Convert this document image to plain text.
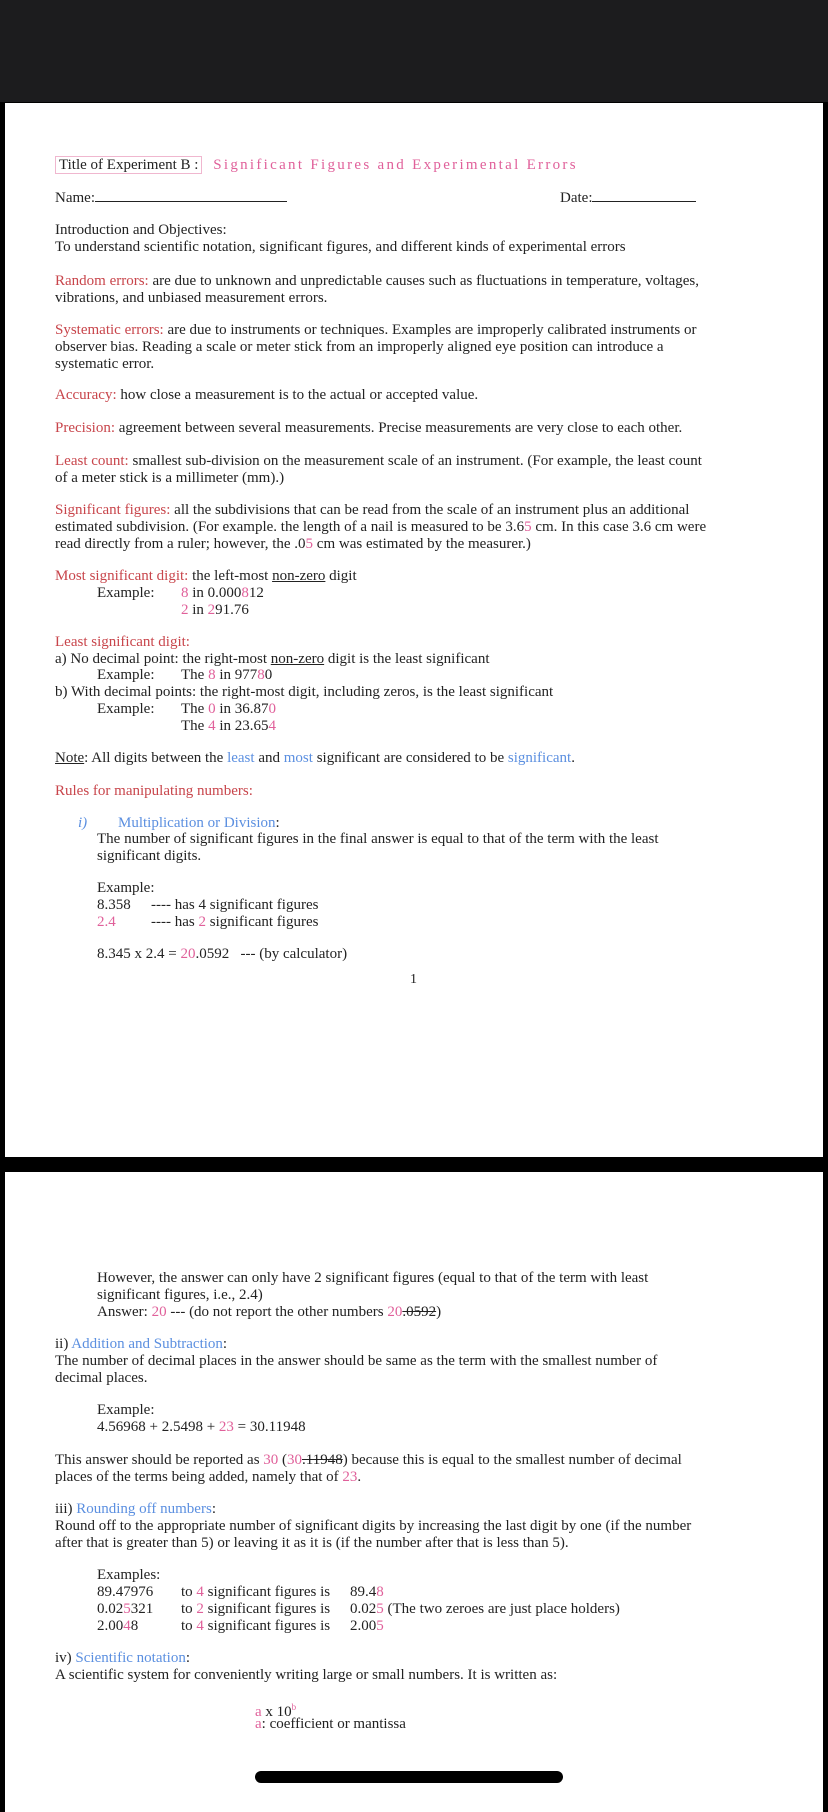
Title of Experiment B : Significant Figures and Experimental Errors
Name:	Date:
Introduction and Objectives:
To understand scientific notation, significant figures, and different kinds of experimental errors
Random errors: are due to unknown and unpredictable causes such as fluctuations in temperature, voltages,
vibrations, and unbiased measurement errors.
Systematic errors: are due to instruments or techniques. Examples are improperly calibrated instruments or
observer bias. Reading a scale or meter stick from an improperly aligned eye position can introduce a
systematic error.
Accuracy: how close a measurement is to the actual or accepted value.
Precision: agreement between several measurements. Precise measurements are very close to each other.
Least count: smallest sub-division on the measurement scale of an instrument. (For example, the least count
of a meter stick is a millimeter (mm).)
Significant figures: all the subdivisions that can be read from the scale of an instrument plus an additional
estimated subdivision. (For example. the length of a nail is measured to be 3.65 cm. In this case 3.6 cm were
read directly from a ruler; however, the .05 cm was estimated by the measurer.)
Most significant digit: the left-most non-zero digit
Example: 8 in 0.000812
2 in 291.76
Least significant digit:
a) No decimal point: the right-most non-zero digit is the least significant
Example: The 8 in 97780
b) With decimal points: the right-most digit, including zeros, is the least significant
Example: The 0 in 36.870
The 4 in 23.654
Note: All digits between the least and most significant are considered to be significant.
Rules for manipulating numbers:
i) Multiplication or Division:
The number of significant figures in the final answer is equal to that of the term with the least
significant digits.
Example:
8.358 ---- has 4 significant figures
2.4 ---- has 2 significant figures
8.345 x 2.4 = 20.0592   --- (by calculator)
1
However, the answer can only have 2 significant figures (equal to that of the term with least
significant figures, i.e., 2.4)
Answer: 20 --- (do not report the other numbers 20.0592)
ii) Addition and Subtraction:
The number of decimal places in the answer should be same as the term with the smallest number of
decimal places.
Example:
4.56968 + 2.5498 + 23 = 30.11948
This answer should be reported as 30 (30.11948) because this is equal to the smallest number of decimal
places of the terms being added, namely that of 23.
iii) Rounding off numbers:
Round off to the appropriate number of significant digits by increasing the last digit by one (if the number
after that is greater than 5) or leaving it as it is (if the number after that is less than 5).
Examples:
89.47976 to 4 significant figures is 89.48
0.025321 to 2 significant figures is 0.025 (The two zeroes are just place holders)
2.0048	to 4 significant figures is 2.005
iv) Scientific notation:
A scientific system for conveniently writing large or small numbers. It is written as:
a x 10$^b$
a: coefficient or mantissa
